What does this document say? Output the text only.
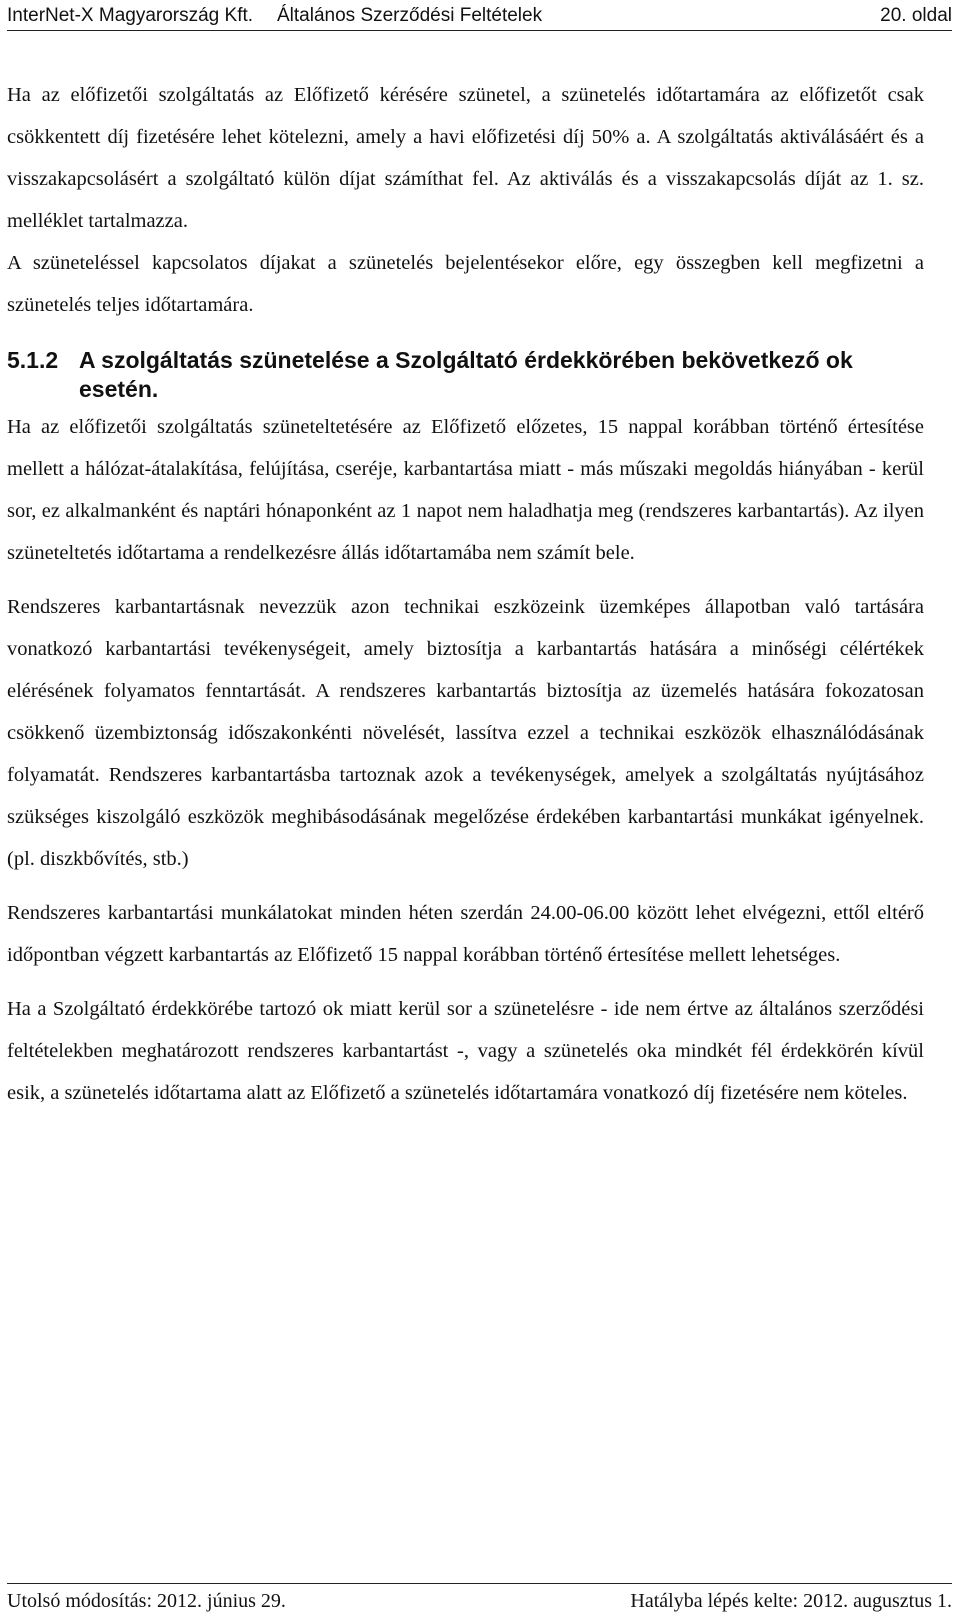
InterNet-X Magyarország Kft. Általános Szerződési Feltételek	20. oldal

Ha az előfizetői szolgáltatás az Előfizető kérésére szünetel, a szünetelés időtartamára az előfizetőt csak csökkentett díj fizetésére lehet kötelezni, amely a havi előfizetési díj 50% a. A szolgáltatás aktiválásáért és a visszakapcsolásért a szolgáltató külön díjat számíthat fel. Az aktiválás és a visszakapcsolás díját az 1. sz. melléklet tartalmazza.

A szüneteléssel kapcsolatos díjakat a szünetelés bejelentésekor előre, egy összegben kell megfizetni a szünetelés teljes időtartamára.

5.1.2 A szolgáltatás szünetelése a Szolgáltató érdekkörében bekövetkező ok esetén.

Ha az előfizetői szolgáltatás szüneteltetésére az Előfizető előzetes, 15 nappal korábban történő értesítése mellett a hálózat-átalakítása, felújítása, cseréje, karbantartása miatt - más műszaki megoldás hiányában - kerül sor, ez alkalmanként és naptári hónaponként az 1 napot nem haladhatja meg (rendszeres karbantartás). Az ilyen szüneteltetés időtartama a rendelkezésre állás időtartamába nem számít bele.

Rendszeres karbantartásnak nevezzük azon technikai eszközeink üzemképes állapotban való tartására vonatkozó karbantartási tevékenységeit, amely biztosítja a karbantartás hatására a minőségi célértékek elérésének folyamatos fenntartását. A rendszeres karbantartás biztosítja az üzemelés hatására fokozatosan csökkenő üzembiztonság időszakonkénti növelését, lassítva ezzel a technikai eszközök elhasználódásának folyamatát. Rendszeres karbantartásba tartoznak azok a tevékenységek, amelyek a szolgáltatás nyújtásához szükséges kiszolgáló eszközök meghibásodásának megelőzése érdekében karbantartási munkákat igényelnek. (pl. diszkbővítés, stb.)

Rendszeres karbantartási munkálatokat minden héten szerdán 24.00-06.00 között lehet elvégezni, ettől eltérő időpontban végzett karbantartás az Előfizető 15 nappal korábban történő értesítése mellett lehetséges.

Ha a Szolgáltató érdekkörébe tartozó ok miatt kerül sor a szünetelésre - ide nem értve az általános szerződési feltételekben meghatározott rendszeres karbantartást -, vagy a szünetelés oka mindkét fél érdekkörén kívül esik, a szünetelés időtartama alatt az Előfizető a szünetelés időtartamára vonatkozó díj fizetésére nem köteles.

Utolsó módosítás: 2012. június 29.	Hatályba lépés kelte: 2012. augusztus 1.
